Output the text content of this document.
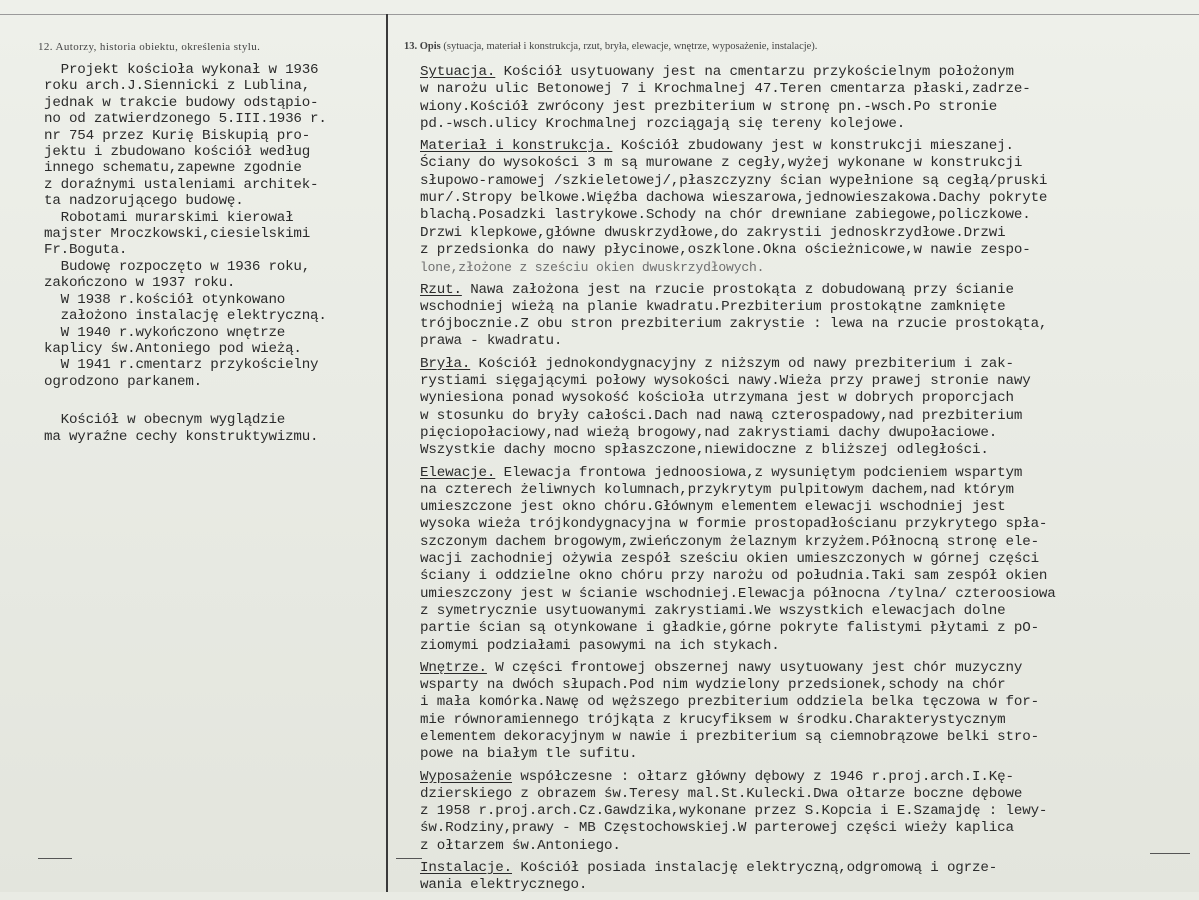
12. Autorzy, historia obiektu, określenia stylu.	13. Opis (sytuacja, materiał i konstrukcja, rzut, bryła, elewacje, wnętrze, wyposażenie, instalacje).

Projekt kościoła wykonał w 1936

roku arch.J.Siennicki z Lublina,

jednak w trakcie budowy odstąpio-

no od zatwierdzonego 5.III.1936 r.

nr 754 przez Kurię Biskupią pro-

jektu i zbudowano kościół według

innego schematu,zapewne zgodnie

z doraźnymi ustaleniami architek-

ta nadzorującego budowę.

Robotami murarskimi kierował

majster Mroczkowski,ciesielskimi

Fr.Boguta.

Budowę rozpoczęto w 1936 roku,

zakończono w 1937 roku.

W 1938 r.kościół otynkowano

założono instalację elektryczną.

W 1940 r.wykończono wnętrze

kaplicy św.Antoniego pod wieżą.

W 1941 r.cmentarz przykościelny

ogrodzono parkanem.

Kościół w obecnym wyglądzie

ma wyraźne cechy konstruktywizmu.

Sytuacja. Kościół usytuowany jest na cmentarzu przykościelnym położonym

w narożu ulic Betonowej 7 i Krochmalnej 47.Teren cmentarza płaski,zadrze-

wiony.Kościół zwrócony jest prezbiterium w stronę pn.-wsch.Po stronie

pd.-wsch.ulicy Krochmalnej rozciągają się tereny kolejowe.

Materiał i konstrukcja. Kościół zbudowany jest w konstrukcji mieszanej.

Ściany do wysokości 3 m są murowane z cegły,wyżej wykonane w konstrukcji

słupowo-ramowej /szkieletowej/,płaszczyzny ścian wypełnione są cegłą/pruski

mur/.Stropy belkowe.Więźba dachowa wieszarowa,jednowieszakowa.Dachy pokryte

blachą.Posadzki lastrykowe.Schody na chór drewniane zabiegowe,policzkowe.

Drzwi klepkowe,główne dwuskrzydłowe,do zakrystii jednoskrzydłowe.Drzwi

z przedsionka do nawy płycinowe,oszklone.Okna ościeżnicowe,w nawie zespo-

lone,złożone z sześciu okien dwuskrzydłowych.

Rzut. Nawa założona jest na rzucie prostokąta z dobudowaną przy ścianie

wschodniej wieżą na planie kwadratu.Prezbiterium prostokątne zamknięte

trójbocznie.Z obu stron prezbiterium zakrystie : lewa na rzucie prostokąta,

prawa - kwadratu.

Bryła. Kościół jednokondygnacyjny z niższym od nawy prezbiterium i zak-

rystiami sięgającymi połowy wysokości nawy.Wieża przy prawej stronie nawy

wyniesiona ponad wysokość kościoła utrzymana jest w dobrych proporcjach

w stosunku do bryły całości.Dach nad nawą czterospadowy,nad prezbiterium

pięciopołaciowy,nad wieżą brogowy,nad zakrystiami dachy dwupołaciowe.

Wszystkie dachy mocno spłaszczone,niewidoczne z bliższej odległości.

Elewacje. Elewacja frontowa jednoosiowa,z wysuniętym podcieniem wspartym

na czterech żeliwnych kolumnach,przykrytym pulpitowym dachem,nad którym

umieszczone jest okno chóru.Głównym elementem elewacji wschodniej jest

wysoka wieża trójkondygnacyjna w formie prostopadłościanu przykrytego spła-

szczonym dachem brogowym,zwieńczonym żelaznym krzyżem.Północną stronę ele-

wacji zachodniej ożywia zespół sześciu okien umieszczonych w górnej części

ściany i oddzielne okno chóru przy narożu od południa.Taki sam zespół okien

umieszczony jest w ścianie wschodniej.Elewacja północna /tylna/ czteroosiowa

z symetrycznie usytuowanymi zakrystiami.We wszystkich elewacjach dolne

partie ścian są otynkowane i gładkie,górne pokryte falistymi płytami z pO-

ziomymi podziałami pasowymi na ich stykach.

Wnętrze. W części frontowej obszernej nawy usytuowany jest chór muzyczny

wsparty na dwóch słupach.Pod nim wydzielony przedsionek,schody na chór

i mała komórka.Nawę od węższego prezbiterium oddziela belka tęczowa w for-

mie równoramiennego trójkąta z krucyfiksem w środku.Charakterystycznym

elementem dekoracyjnym w nawie i prezbiterium są ciemnobrązowe belki stro-

powe na białym tle sufitu.

Wyposażenie współczesne : ołtarz główny dębowy z 1946 r.proj.arch.I.Kę-

dzierskiego z obrazem św.Teresy mal.St.Kulecki.Dwa ołtarze boczne dębowe

z 1958 r.proj.arch.Cz.Gawdzika,wykonane przez S.Kopcia i E.Szamajdę : lewy-

św.Rodziny,prawy - MB Częstochowskiej.W parterowej części wieży kaplica

z ołtarzem św.Antoniego.

Instalacje. Kościół posiada instalację elektryczną,odgromową i ogrze-

wania elektrycznego.
